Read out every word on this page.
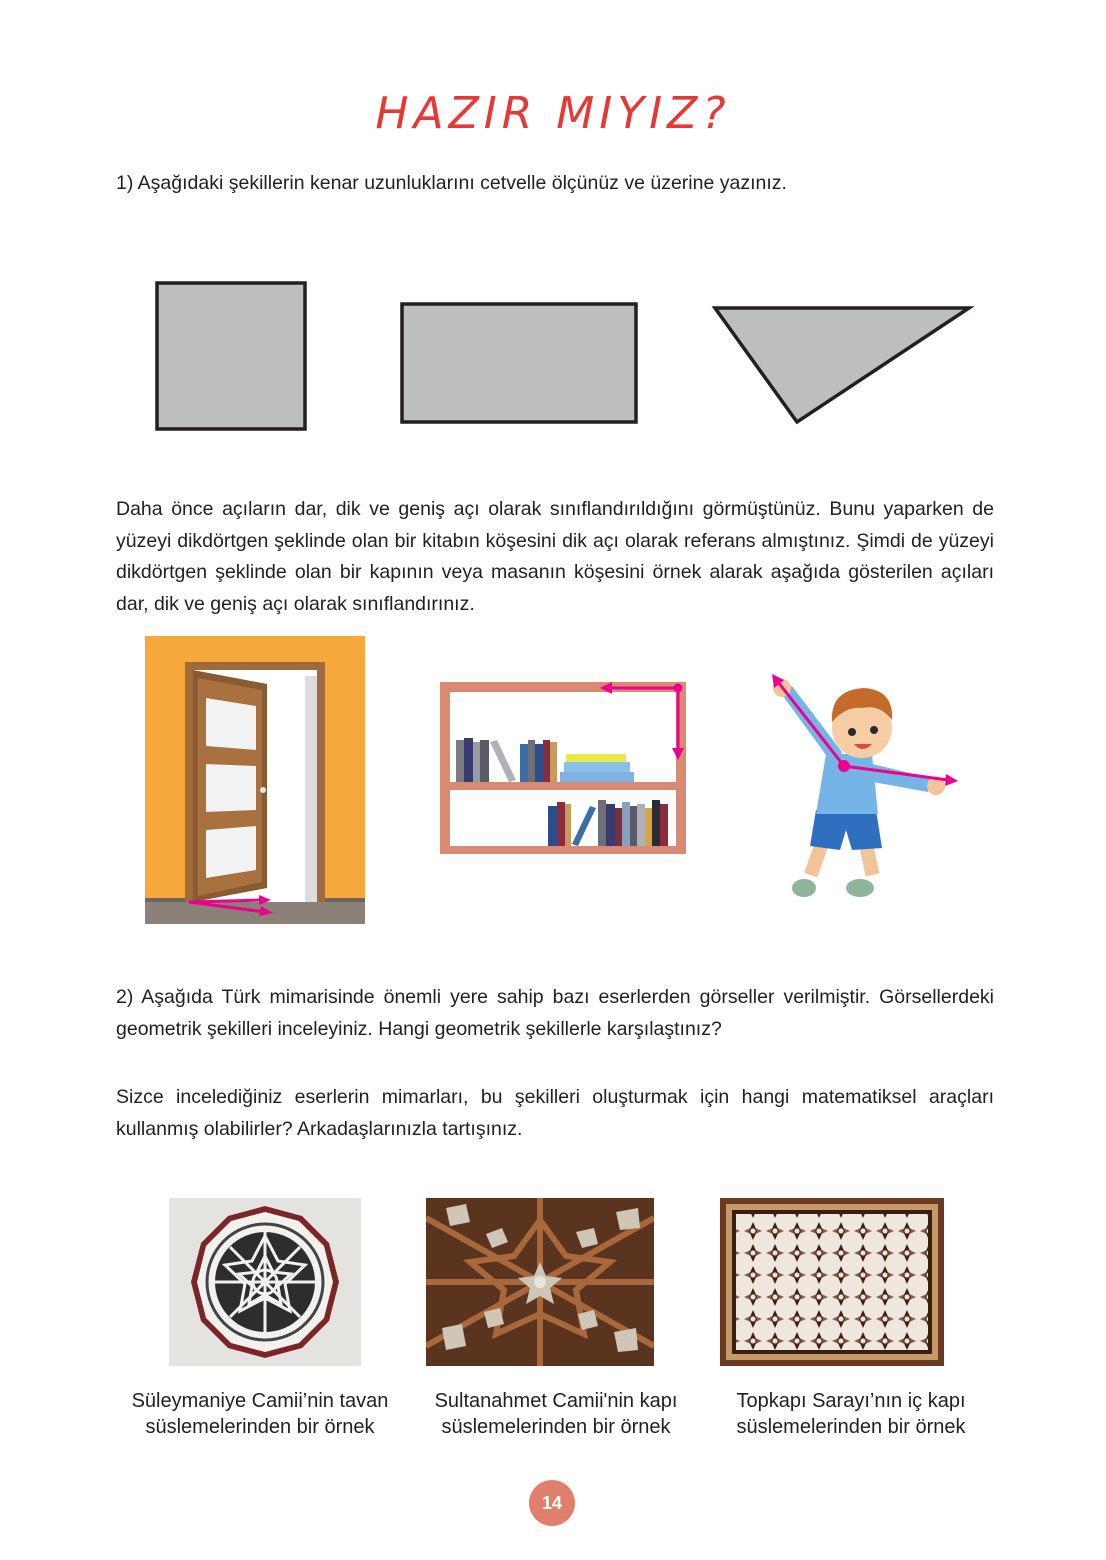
HAZIR MIYIZ?
1) Aşağıdaki şekillerin kenar uzunluklarını cetvelle ölçünüz ve üzerine yazınız.
Daha önce açıların dar, dik ve geniş açı olarak sınıflandırıldığını görmüştünüz. Bunu yaparken de yüzeyi dikdörtgen şeklinde olan bir kitabın köşesini dik açı olarak referans almıştınız. Şimdi de yüzeyi dikdörtgen şeklinde olan bir kapının veya masanın köşesini örnek alarak aşağıda gösterilen açıları dar, dik ve geniş açı olarak sınıflandırınız.
2) Aşağıda Türk mimarisinde önemli yere sahip bazı eserlerden görseller verilmiştir. Görsellerdeki geometrik şekilleri inceleyiniz. Hangi geometrik şekillerle karşılaştınız?
Sizce incelediğiniz eserlerin mimarları, bu şekilleri oluşturmak için hangi matematiksel araçları kullanmış olabilirler? Arkadaşlarınızla tartışınız.
Süleymaniye Camii’nin tavan süslemelerinden bir örnek
Sultanahmet Camii'nin kapı süslemelerinden bir örnek
Topkapı Sarayı’nın iç kapı süslemelerinden bir örnek
14
